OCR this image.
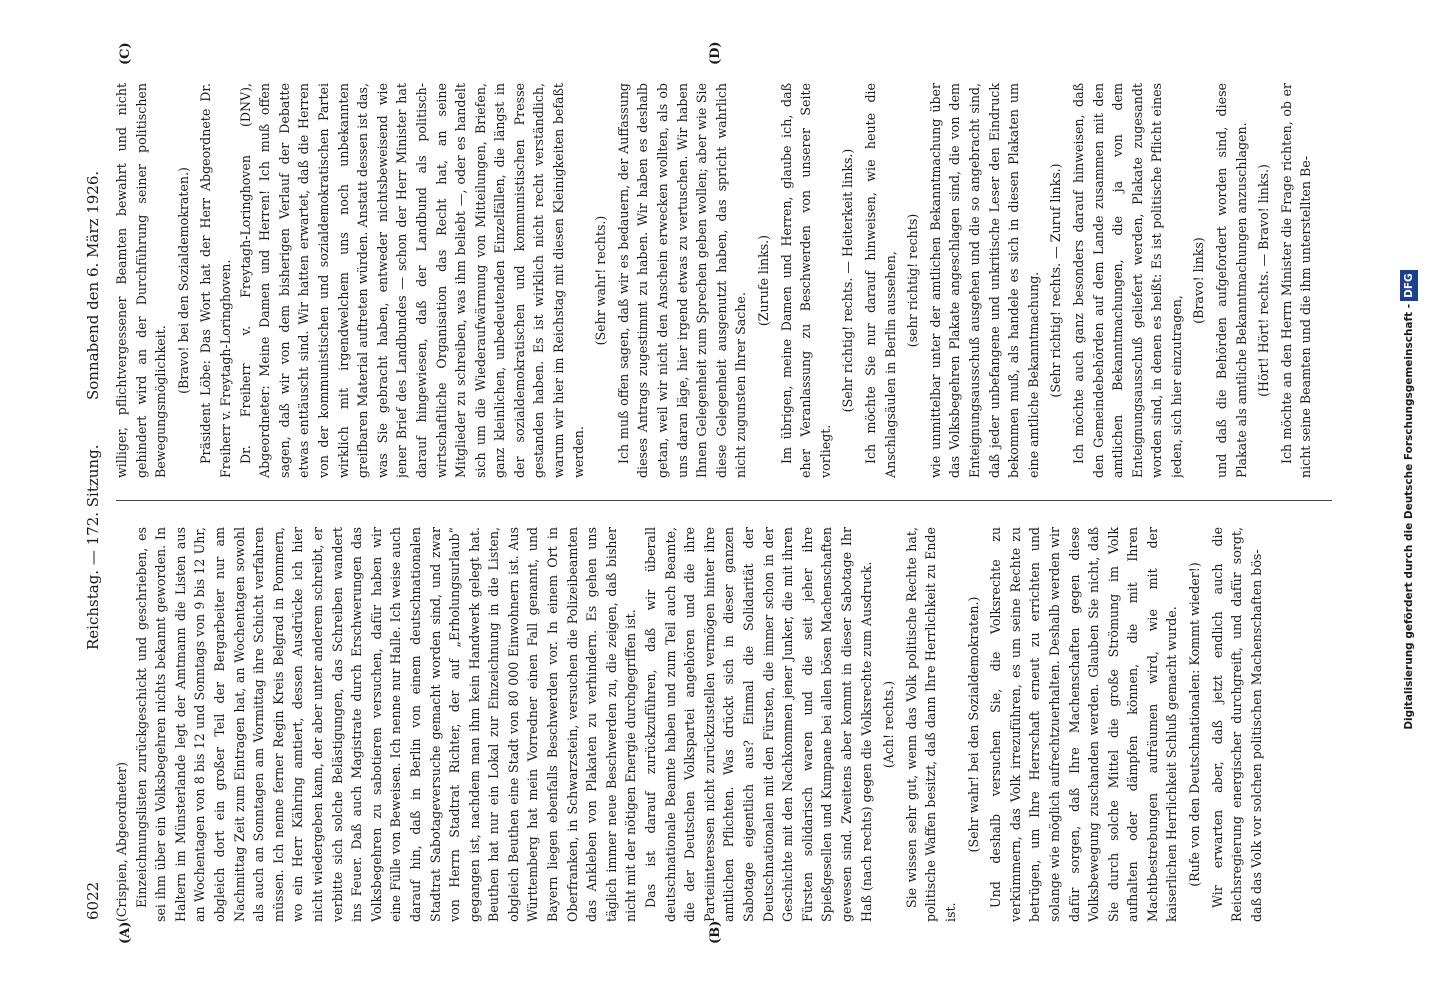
6022
Reichstag. — 172. Sitzung.
Sonnabend den 6. März 1926.
(A)	(B)
(C)	(D)

(Crispien, Abgeordneter) Einzeichnungslisten zurückgeschickt und geschrieben, es sei ihm über ein Volksbegehren nichts bekannt geworden. In Haltern im Münsterlande legt der Amtmann die Listen aus an Wochentagen von 8 bis 12 und Sonntags von 9 bis 12 Uhr, obgleich dort ein großer Teil der Bergarbeiter nur am Nachmittag Zeit zum Eintragen hat, an Wochentagen sowohl als auch an Sonntagen am Vormittag ihre Schicht verfahren müssen. Ich nenne ferner Regin Kreis Belgrad in Pommern, wo ein Herr Kähring amtiert, dessen Ausdrücke ich hier nicht wiedergeben kann, der aber unter anderem schreibt, er verbitte sich solche Belästigungen, das Schreiben wandert ins Feuer. Daß auch Magistrate durch Erschwerungen das Volksbegehren zu sabotieren versuchen, dafür haben wir eine Fülle von Beweisen. Ich nenne nur Halle. Ich weise auch darauf hin, daß in Berlin von einem deutschnationalen Stadtrat Sabotageversuche gemacht worden sind, und zwar von Herrn Stadtrat Richter, der auf „Erholungsurlaub“ gegangen ist, nachdem man ihm kein Handwerk gelegt hat. Beuthen hat nur ein Lokal zur Einzeichnung in die Listen, obgleich Beuthen eine Stadt von 80 000 Einwohnern ist. Aus Württemberg hat mein Vorredner einen Fall genannt, und Bayern liegen ebenfalls Beschwerden vor. In einem Ort in Oberfranken, in Schwarzstein, versuchen die Polizeibeamten das Ankleben von Plakaten zu verhindern. Es gehen uns täglich immer neue Beschwerden zu, die zeigen, daß bisher nicht mit der nötigen Energie durchgegriffen ist. Das ist darauf zurückzuführen, daß wir überall deutschnationale Beamte haben und zum Teil auch Beamte, die der Deutschen Volkspartei angehören und die ihre Parteiinteressen nicht zurückzustellen vermögen hinter ihre amtlichen Pflichten. Was drückt sich in dieser ganzen Sabotage eigentlich aus? Einmal die Solidarität der Deutschnationalen mit den Fürsten, die immer schon in der Geschichte mit den Nachkommen jener Junker, die mit ihren Fürsten solidarisch waren und die seit jeher ihre Spießgesellen und Kumpane bei allen bösen Machenschaften gewesen sind. Zweitens aber kommt in dieser Sabotage Ihr Haß (nach rechts) gegen die Volksrechte zum Ausdruck. (Ach! rechts.) Sie wissen sehr gut, wenn das Volk politische Rechte hat, politische Waffen besitzt, daß dann Ihre Herrlichkeit zu Ende ist.

(Sehr wahr! bei den Sozialdemokraten.) Und deshalb versuchen Sie, die Volksrechte zu verkümmern, das Volk irrezuführen, es um seine Rechte zu betrügen, um Ihre Herrschaft erneut zu errichten und solange wie möglich aufrechtzuerhalten. Deshalb werden wir dafür sorgen, daß Ihre Machenschaften gegen diese Volksbewegung zuschanden werden. Glauben Sie nicht, daß Sie durch solche Mittel die große Strömung im Volk aufhalten oder dämpfen können, die mit Ihren Machtbestrebungen aufräumen wird, wie mit der kaiserlichen Herrlichkeit Schluß gemacht wurde. (Rufe von den Deutschnationalen: Kommt wieder!) Wir erwarten aber, daß jetzt endlich auch die Reichsregierung energischer durchgreift, und dafür sorgt, daß das Volk vor solchen politischen Machenschaften bös-

williger, pflichtvergessener Beamten bewahrt und nicht gehindert wird an der Durchführung seiner politischen Bewegungsmöglichkeit.

(Bravo! bei den Sozialdemokraten.) Präsident Löbe: Das Wort hat der Herr Abgeordnete Dr. Freiherr v. Freytagh-Loringhoven. Dr. Freiherr v. Freytagh-Loringhoven (DNV), Abgeordneter: Meine Damen und Herren! Ich muß offen sagen, daß wir von dem bisherigen Verlauf der Debatte etwas enttäuscht sind. Wir hatten erwartet, daß die Herren von der kommunistischen und sozialdemokratischen Partei wirklich mit irgendwelchem uns noch unbekannten greifbaren Material auftreten würden. Anstatt dessen ist das, was Sie gebracht haben, entweder nichtsbeweisend wie jener Brief des Landbundes — schon der Herr Minister hat darauf hingewiesen, daß der Landbund als politisch-wirtschaftliche Organisation das Recht hat, an seine Mitglieder zu schreiben, was ihm beliebt —, oder es handelt sich um die Wiederaufwärmung von Mitteilungen, Briefen, ganz kleinlichen, unbedeutenden Einzelfällen, die längst in der sozialdemokratischen und kommunistischen Presse gestanden haben. Es ist wirklich nicht recht verständlich, warum wir hier im Reichstag mit diesen Kleinigkeiten befaßt werden.

(Sehr wahr! rechts.) Ich muß offen sagen, daß wir es bedauern, der Auffassung dieses Antrags zugestimmt zu haben. Wir haben es deshalb getan, weil wir nicht den Anschein erwecken wollten, als ob uns daran läge, hier irgend etwas zu vertuschen. Wir haben Ihnen Gelegenheit zum Sprechen geben wollen; aber wie Sie diese Gelegenheit ausgenutzt haben, das spricht wahrlich nicht zugunsten Ihrer Sache.

(Zurufe links.) Im übrigen, meine Damen und Herren, glaube ich, daß eher Veranlassung zu Beschwerden von unserer Seite vorliegt.

(Sehr richtig! rechts. — Heiterkeit links.) Ich möchte Sie nur darauf hinweisen, wie heute die Anschlagsäulen in Berlin aussehen, (sehr richtig! rechts) wie unmittelbar unter der amtlichen Bekanntmachung über das Volksbegehren Plakate angeschlagen sind, die von dem Enteignungsausschuß ausgehen und die so angebracht sind, daß jeder unbefangene und unkritische Leser den Eindruck bekommen muß, als handele es sich in diesen Plakaten um eine amtliche Bekanntmachung. (Sehr richtig! rechts. — Zuruf links.) Ich möchte auch ganz besonders darauf hinweisen, daß den Gemeindebehörden auf dem Lande zusammen mit den amtlichen Bekanntmachungen, die ja von dem Enteignungsausschuß geliefert werden, Plakate zugesandt worden sind, in denen es heißt: Es ist politische Pflicht eines jeden, sich hier einzutragen,

(Bravo! links) und daß die Behörden aufgefordert worden sind, diese Plakate als amtliche Bekanntmachungen anzuschlagen. (Hört! Hört! rechts. — Bravo! links.) Ich möchte an den Herrn Minister die Frage richten, ob er nicht seine Beamten und die ihm unterstellten Be-	Digitalisierung gefördert durch die Deutsche Forschungsgemeinschaft -DFG
